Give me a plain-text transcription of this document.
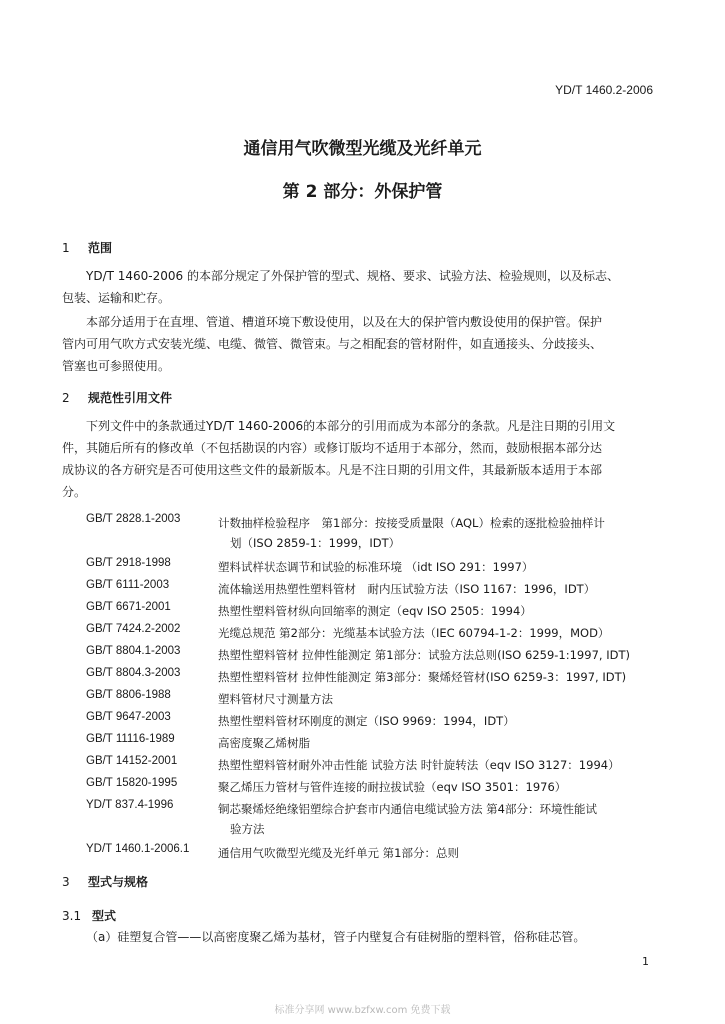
YD/T 1460.2-2006
通信用气吹微型光缆及光纤单元
第 2 部分：外保护管
1 范围
YD/T 1460-2006 的本部分规定了外保护管的型式、规格、要求、试验方法、检验规则，以及标志、
包装、运输和贮存。
本部分适用于在直埋、管道、槽道环境下敷设使用，以及在大的保护管内敷设使用的保护管。保护
管内可用气吹方式安装光缆、电缆、微管、微管束。与之相配套的管材附件，如直通接头、分歧接头、
管塞也可参照使用。
2 规范性引用文件
下列文件中的条款通过YD/T 1460-2006的本部分的引用而成为本部分的条款。凡是注日期的引用文
件，其随后所有的修改单（不包括勘误的内容）或修订版均不适用于本部分，然而，鼓励根据本部分达
成协议的各方研究是否可使用这些文件的最新版本。凡是不注日期的引用文件，其最新版本适用于本部
分。
GB/T 2828.1-2003	计数抽样检验程序　第1部分：按接受质量限（AQL）检索的逐批检验抽样计
划（ISO 2859-1：1999，IDT）
GB/T 2918-1998	塑料试样状态调节和试验的标准环境 （idt ISO 291：1997）
GB/T 6111-2003	流体输送用热塑性塑料管材　耐内压试验方法（ISO 1167：1996，IDT）
GB/T 6671-2001	热塑性塑料管材纵向回缩率的测定（eqv ISO 2505：1994）
GB/T 7424.2-2002	光缆总规范 第2部分：光缆基本试验方法（IEC 60794-1-2：1999，MOD）
GB/T 8804.1-2003	热塑性塑料管材 拉伸性能测定 第1部分：试验方法总则(ISO 6259-1:1997, IDT)
GB/T 8804.3-2003	热塑性塑料管材 拉伸性能测定 第3部分：聚烯烃管材(ISO 6259-3：1997, IDT)
GB/T 8806-1988	塑料管材尺寸测量方法
GB/T 9647-2003	热塑性塑料管材环刚度的测定（ISO 9969：1994，IDT）
GB/T 11116-1989	高密度聚乙烯树脂
GB/T 14152-2001	热塑性塑料管材耐外冲击性能 试验方法 时针旋转法（eqv ISO 3127：1994）
GB/T 15820-1995	聚乙烯压力管材与管件连接的耐拉拔试验（eqv ISO 3501：1976）
YD/T 837.4-1996	铜芯聚烯烃绝缘铝塑综合护套市内通信电缆试验方法 第4部分：环境性能试
验方法
YD/T 1460.1-2006.1 通信用气吹微型光缆及光纤单元 第1部分：总则
3 型式与规格
3.1 型式
（a）硅塑复合管——以高密度聚乙烯为基材，管子内壁复合有硅树脂的塑料管，俗称硅芯管。
1
标准分享网 www.bzfxw.com 免费下载
